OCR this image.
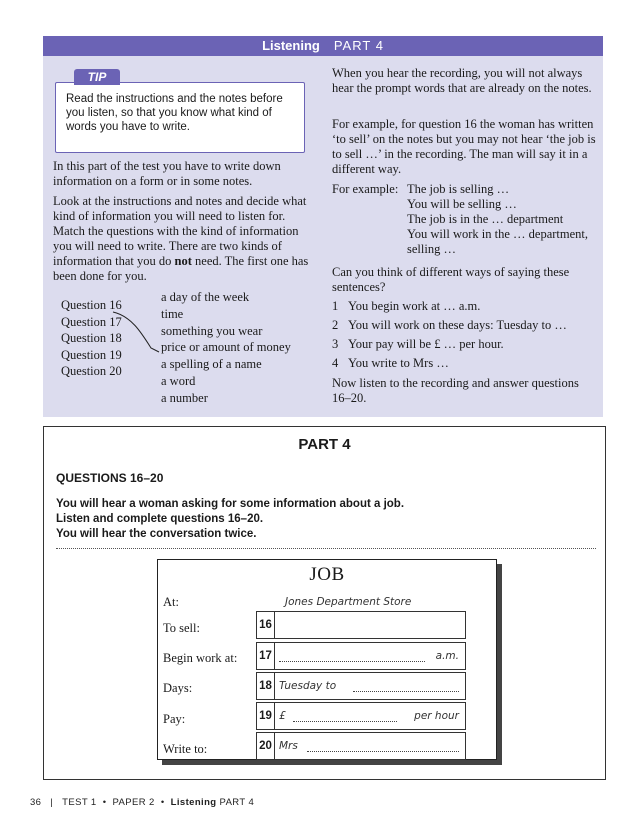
Listening PART 4
TIP
Read the instructions and the notes before you listen, so that you know what kind of words you have to write.

In this part of the test you have to write down information on a form or in some notes.

Look at the instructions and notes and decide what kind of information you will need to listen for. Match the questions with the kind of information you will need to write. There are two kinds of information that you do not need. The first one has been done for you.

Question 16
Question 17
Question 18
Question 19
Question 20
a day of the week
time
something you wear
price or amount of money
a spelling of a name
a word
a number

When you hear the recording, you will not always hear the prompt words that are already on the notes.

For example, for question 16 the woman has written ‘to sell’ on the notes but you may not hear ‘the job is to sell …’ in the recording. The man will say it in a different way.

For example: The job is selling …
You will be selling …
The job is in the … department
You will work in the … department, selling …

Can you think of different ways of saying these sentences?

1 You begin work at … a.m.
2 You will work on these days: Tuesday to …
3 Your pay will be £ … per hour.
4 You write to Mrs …

Now listen to the recording and answer questions 16–20.

PART 4
QUESTIONS 16–20
You will hear a woman asking for some information about a job.
Listen and complete questions 16–20.
You will hear the conversation twice.
JOB
At:	Jones Department Store
To sell:	16
Begin work at: 17	a.m.
Days:	18 Tuesday to
Pay:	19 £	per hour
Write to:	20 Mrs
36 | TEST 1  •  PAPER 2  •  Listening PART 4
